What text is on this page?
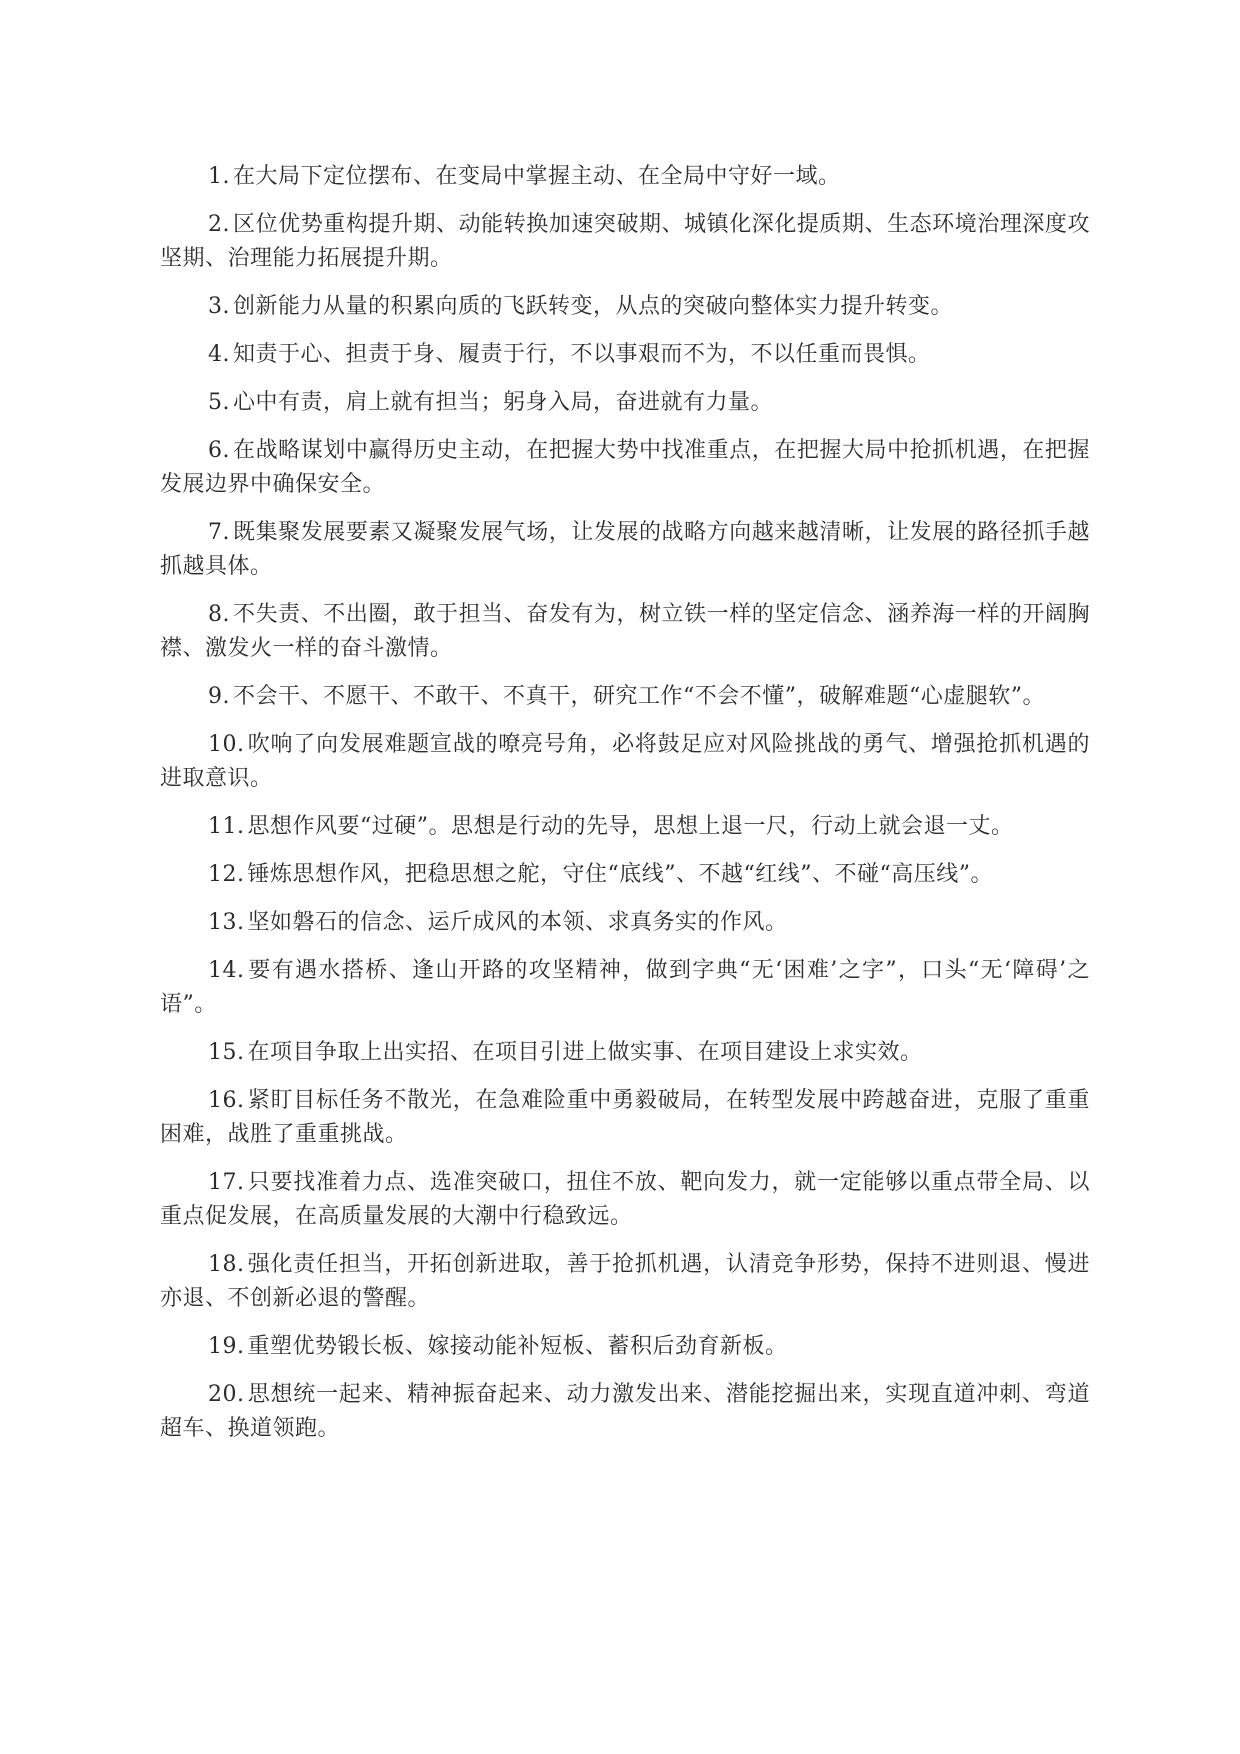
1. 在大局下定位摆布、在变局中掌握主动、在全局中守好一域。

2. 区位优势重构提升期、动能转换加速突破期、城镇化深化提质期、生态环境治理深度攻坚期、治理能力拓展提升期。

3. 创新能力从量的积累向质的飞跃转变，从点的突破向整体实力提升转变。

4. 知责于心、担责于身、履责于行，不以事艰而不为，不以任重而畏惧。

5. 心中有责，肩上就有担当；躬身入局，奋进就有力量。

6. 在战略谋划中赢得历史主动，在把握大势中找准重点，在把握大局中抢抓机遇，在把握发展边界中确保安全。

7. 既集聚发展要素又凝聚发展气场，让发展的战略方向越来越清晰，让发展的路径抓手越抓越具体。

8. 不失责、不出圈，敢于担当、奋发有为，树立铁一样的坚定信念、涵养海一样的开阔胸襟、激发火一样的奋斗激情。

9. 不会干、不愿干、不敢干、不真干，研究工作“不会不懂”，破解难题“心虚腿软”。

10. 吹响了向发展难题宣战的嘹亮号角，必将鼓足应对风险挑战的勇气、增强抢抓机遇的进取意识。

11. 思想作风要“过硬”。思想是行动的先导，思想上退一尺，行动上就会退一丈。

12. 锤炼思想作风，把稳思想之舵，守住“底线”、不越“红线”、不碰“高压线”。

13. 坚如磐石的信念、运斤成风的本领、求真务实的作风。

14. 要有遇水搭桥、逢山开路的攻坚精神，做到字典“无‘困难’之字”，口头“无‘障碍’之语”。

15. 在项目争取上出实招、在项目引进上做实事、在项目建设上求实效。

16. 紧盯目标任务不散光，在急难险重中勇毅破局，在转型发展中跨越奋进，克服了重重困难，战胜了重重挑战。

17. 只要找准着力点、选准突破口，扭住不放、靶向发力，就一定能够以重点带全局、以重点促发展，在高质量发展的大潮中行稳致远。

18. 强化责任担当，开拓创新进取，善于抢抓机遇，认清竞争形势，保持不进则退、慢进亦退、不创新必退的警醒。

19. 重塑优势锻长板、嫁接动能补短板、蓄积后劲育新板。

20. 思想统一起来、精神振奋起来、动力激发出来、潜能挖掘出来，实现直道冲刺、弯道超车、换道领跑。
